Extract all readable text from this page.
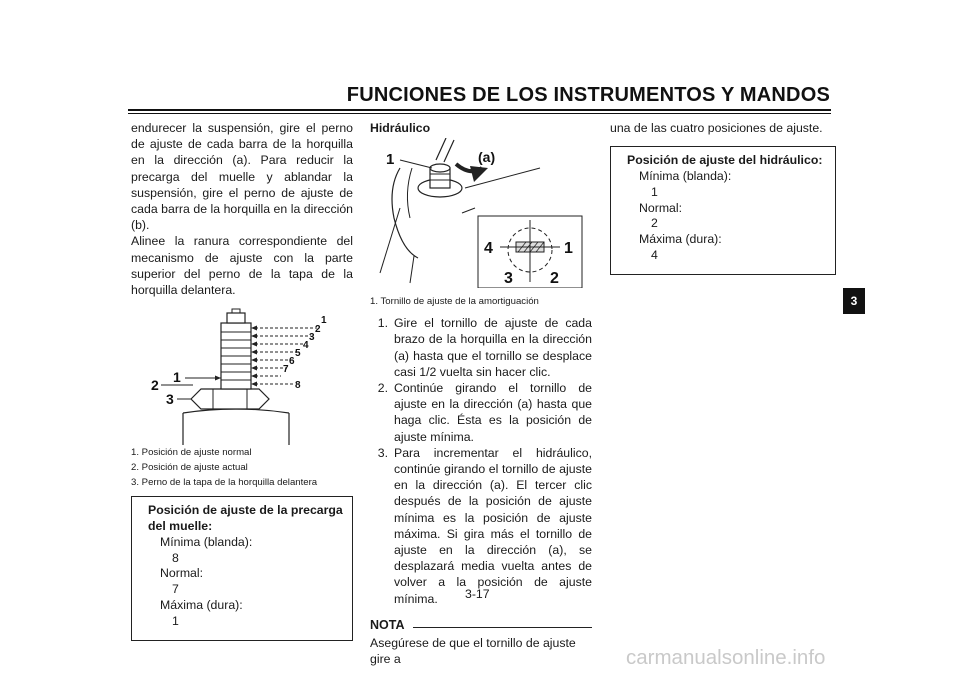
FUNCIONES DE LOS INSTRUMENTOS Y MANDOS

endurecer la suspensión, gire el perno de ajuste de cada barra de la horquilla en la dirección (a). Para reducir la precarga del muelle y ablandar la suspensión, gire el perno de ajuste de cada barra de la horquilla en la dirección (b).

Alinee la ranura correspondiente del mecanismo de ajuste con la parte superior del perno de la tapa de la horquilla delantera.

1
2
3
4
5
6
7
8
1
2
3
1. Posición de ajuste normal
2. Posición de ajuste actual
3. Perno de la tapa de la horquilla delantera
Posición de ajuste de la precarga del muelle:
Mínima (blanda):
8
Normal:
7
Máxima (dura):
1
Hidráulico
1	(a)
4	1
3 2
1. Tornillo de ajuste de la amortiguación
1. Gire el tornillo de ajuste de cada brazo de la horquilla en la dirección (a) hasta que el tornillo se desplace casi 1/2 vuelta sin hacer clic.
2. Continúe girando el tornillo de ajuste en la dirección (a) hasta que haga clic. Ésta es la posición de ajuste mínima.
3. Para incrementar el hidráulico, continúe girando el tornillo de ajuste en la dirección (a). El tercer clic después de la posición de ajuste mínima es la posición de ajuste máxima. Si gira más el tornillo de ajuste en la dirección (a), se desplazará media vuelta antes de volver a la posición de ajuste mínima.
NOTA
Asegúrese de que el tornillo de ajuste gire a
una de las cuatro posiciones de ajuste.
Posición de ajuste del hidráulico:
Mínima (blanda):
1
Normal:
2
Máxima (dura):
4
3
3-17
carmanualsonline.info
